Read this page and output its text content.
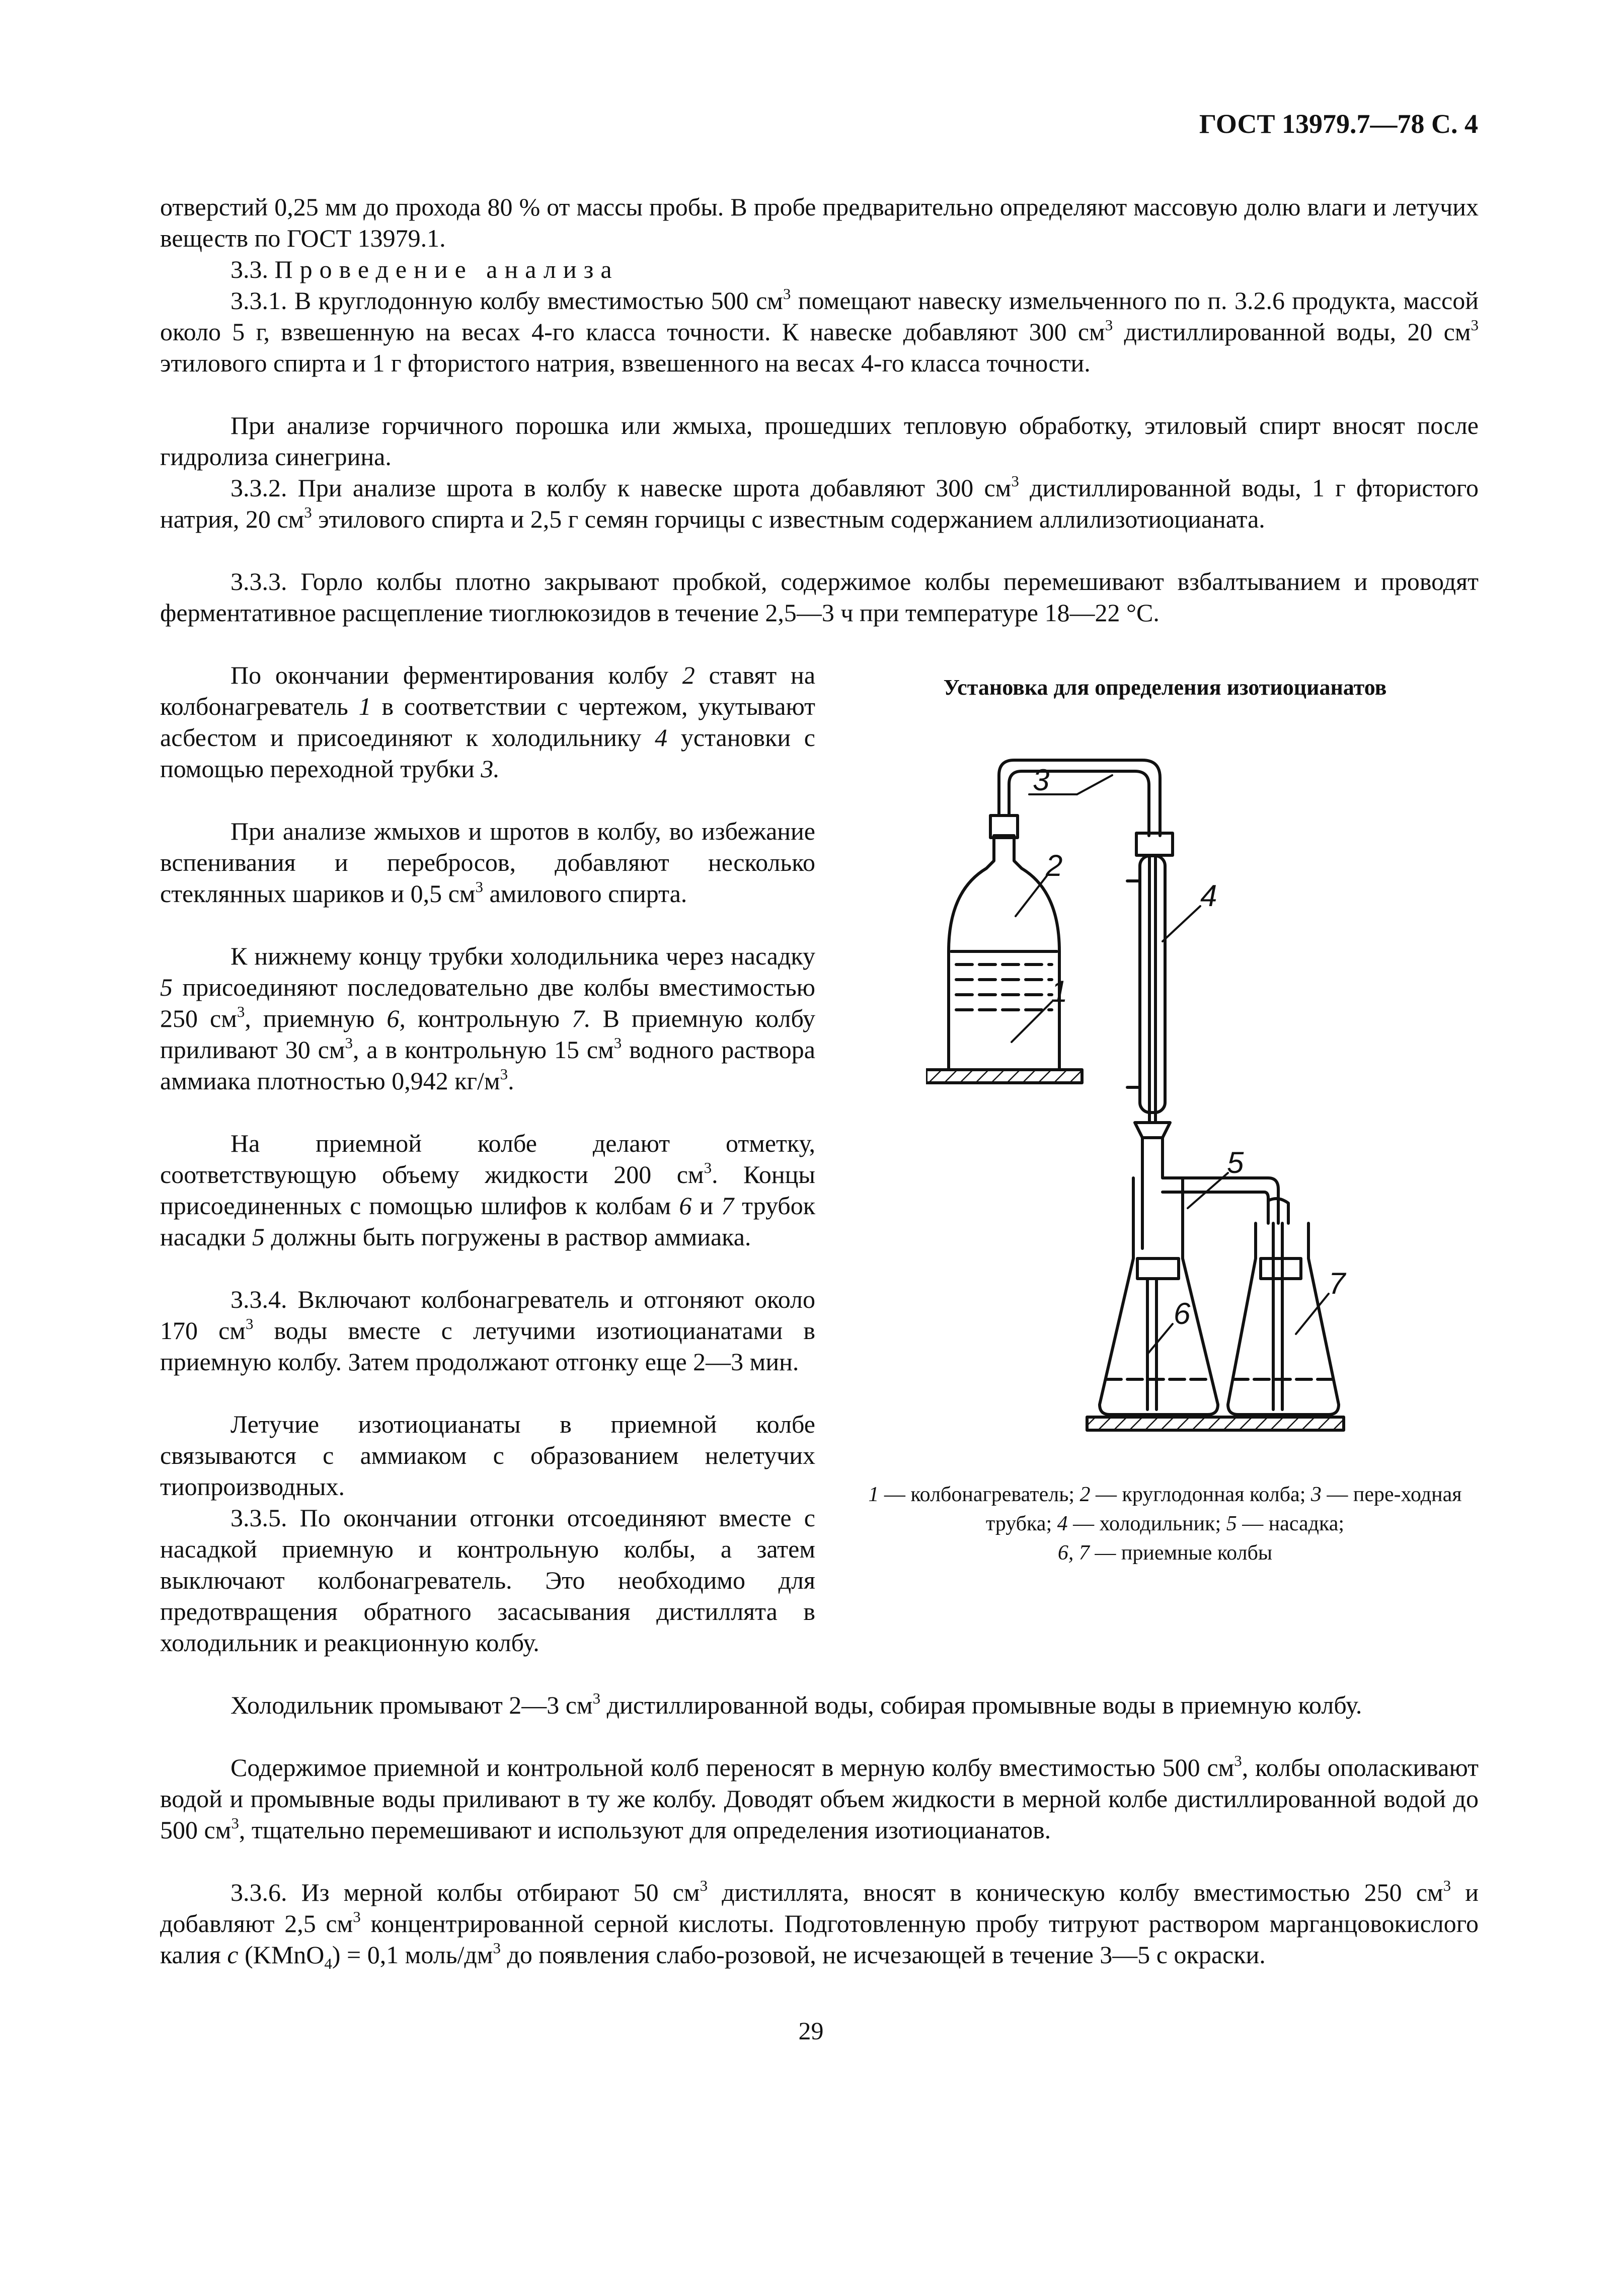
ГОСТ 13979.7—78 С. 4

отверстий 0,25 мм до прохода 80 % от массы пробы. В пробе предварительно определяют массовую долю влаги и летучих веществ по ГОСТ 13979.1.

3.3. Проведение анализа

3.3.1. В круглодонную колбу вместимостью 500 $см^3$ помещают навеску измельченного по п. 3.2.6 продукта, массой около 5 г, взвешенную на весах 4-го класса точности. К навеске добавляют 300 $см^3$ дистиллированной воды, 20 $см^3$ этилового спирта и 1 г фтористого натрия, взвешенного на весах 4-го класса точности.

При анализе горчичного порошка или жмыха, прошедших тепловую обработку, этиловый спирт вносят после гидролиза синегрина.

3.3.2. При анализе шрота в колбу к навеске шрота добавляют 300 $см^3$ дистиллированной воды, 1 г фтористого натрия, 20 $см^3$ этилового спирта и 2,5 г семян горчицы с известным содержанием аллилизотиоцианата.

3.3.3. Горло колбы плотно закрывают пробкой, содержимое колбы перемешивают взбалтыванием и проводят ферментативное расщепление тиоглюкозидов в течение 2,5—3 ч при температуре 18—22 °С.

По окончании ферментирования колбу 2 ставят на колбонагреватель 1 в соответствии с чертежом, укутывают асбестом и присоединяют к холодильнику 4 установки с помощью переходной трубки 3.

При анализе жмыхов и шротов в колбу, во избежание вспенивания и перебросов, добавляют несколько стеклянных шариков и 0,5 $см^3$ амилового спирта.

К нижнему концу трубки холодильника через насадку 5 присоединяют последовательно две колбы вместимостью 250 $см^3$, приемную 6, контрольную 7. В приемную колбу приливают 30 $см^3$, а в контрольную 15 $см^3$ водного раствора аммиака плотностью 0,942 $кг/м^3$.

На приемной колбе делают отметку, соответствующую объему жидкости 200 $см^3$. Концы присоединенных с помощью шлифов к колбам 6 и 7 трубок насадки 5 должны быть погружены в раствор аммиака.

3.3.4. Включают колбонагреватель и отгоняют около 170 $см^3$ воды вместе с летучими изотиоцианатами в приемную колбу. Затем продолжают отгонку еще 2—3 мин.

Летучие изотиоцианаты в приемной колбе связываются с аммиаком с образованием нелетучих тиопроизводных.

3.3.5. По окончании отгонки отсоединяют вместе с насадкой приемную и контрольную колбы, а затем выключают колбонагреватель. Это необходимо для предотвращения обратного засасывания дистиллята в холодильник и реакционную колбу.

Холодильник промывают 2—3 $см^3$ дистиллированной воды, собирая промывные воды в приемную колбу.

Содержимое приемной и контрольной колб переносят в мерную колбу вместимостью 500 $см^3$, колбы ополаскивают водой и промывные воды приливают в ту же колбу. Доводят объем жидкости в мерной колбе дистиллированной водой до 500 $см^3$, тщательно перемешивают и используют для определения изотиоцианатов.

3.3.6. Из мерной колбы отбирают 50 $см^3$ дистиллята, вносят в коническую колбу вместимостью 250 $см^3$ и добавляют 2,5 $см^3$ концентрированной серной кислоты. Подготовленную пробу титруют раствором марганцовокислого калия с (KMnO$_4$) = 0,1 моль/$дм^3$ до появления слабо-розовой, не исчезающей в течение 3—5 с окраски.

Установка для определения изотиоцианатов
3
2
1
4
5
6
7
1 — колбонагреватель; 2 — круглодонная колба; 3 — пере-ходная трубка; 4 — холодильник; 5 — насадка;
6, 7 — приемные колбы
29
